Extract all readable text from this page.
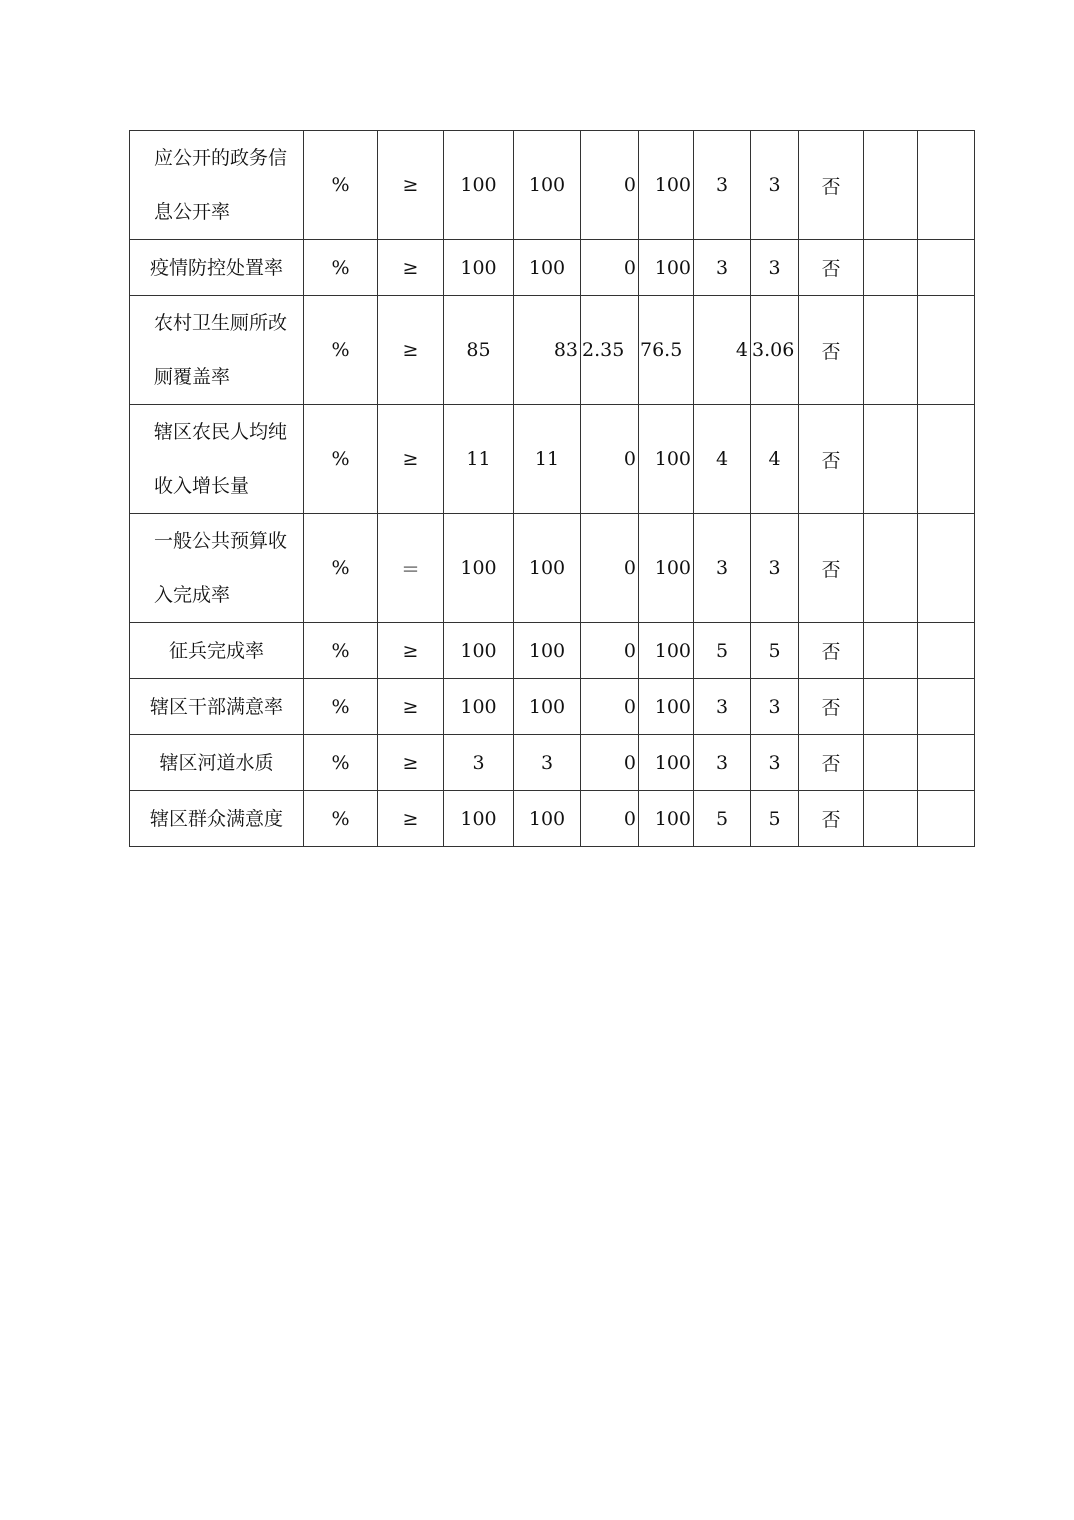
应公开的政务信息公开率	%	≥	100	100	0	100	3	3	否		
疫情防控处置率	%	≥	100	100	0	100	3	3	否		
农村卫生厕所改厕覆盖率	%	≥	85	83	2.35	76.5	4	3.06	否		
辖区农民人均纯收入增长量	%	≥	11	11	0	100	4	4	否		
一般公共预算收入完成率	%	＝	100	100	0	100	3	3	否		
征兵完成率	%	≥	100	100	0	100	5	5	否		
辖区干部满意率	%	≥	100	100	0	100	3	3	否		
辖区河道水质	%	≥	3	3	0	100	3	3	否		
辖区群众满意度	%	≥	100	100	0	100	5	5	否		
